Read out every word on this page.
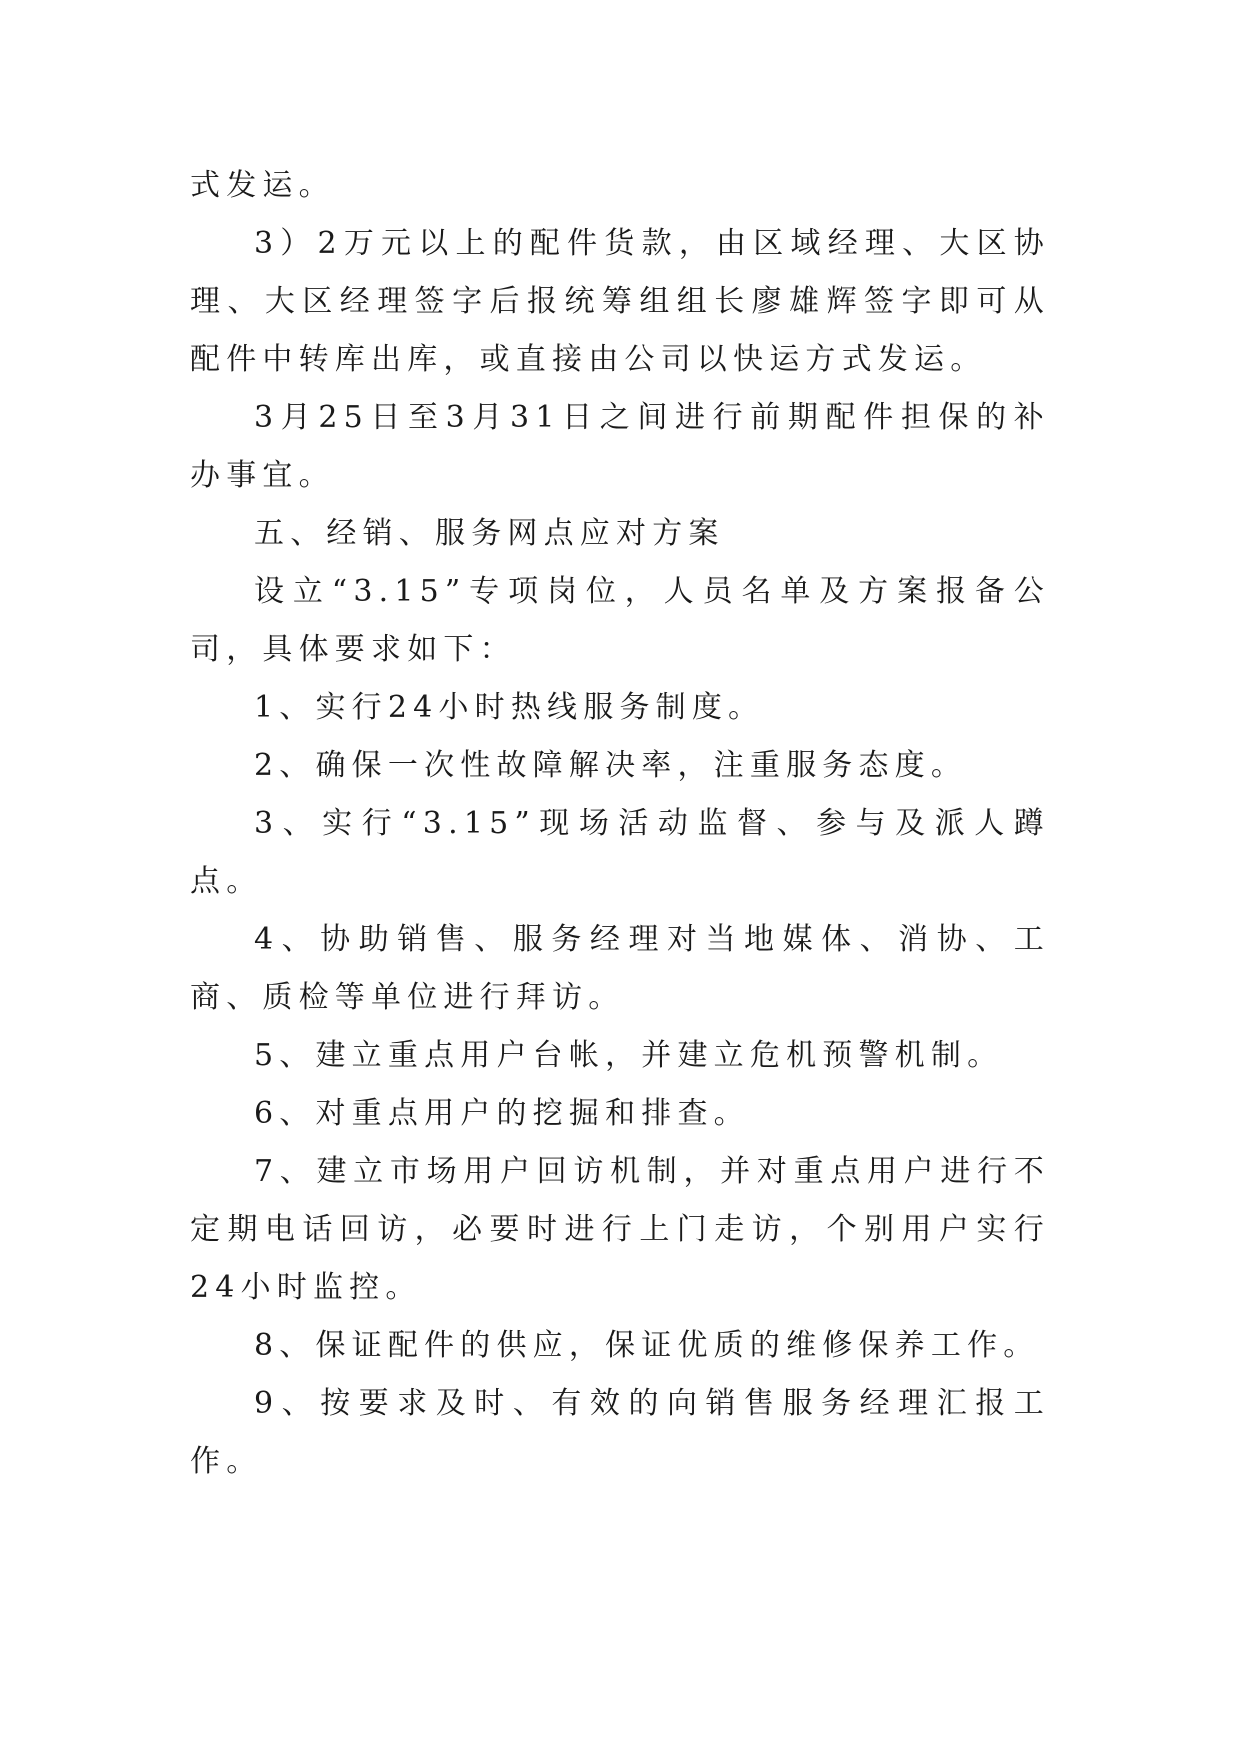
式发运。

3）2万元以上的配件货款，由区域经理、大区协理、大区经理签字后报统筹组组长廖雄辉签字即可从配件中转库出库，或直接由公司以快运方式发运。

3月25日至3月31日之间进行前期配件担保的补办事宜。

五、经销、服务网点应对方案

设立“3.15”专项岗位，人员名单及方案报备公司，具体要求如下：

1、实行24小时热线服务制度。

2、确保一次性故障解决率，注重服务态度。

3、实行“3.15”现场活动监督、参与及派人蹲点。

4、协助销售、服务经理对当地媒体、消协、工商、质检等单位进行拜访。

5、建立重点用户台帐，并建立危机预警机制。

6、对重点用户的挖掘和排查。

7、建立市场用户回访机制，并对重点用户进行不定期电话回访，必要时进行上门走访，个别用户实行24小时监控。

8、保证配件的供应，保证优质的维修保养工作。

9、按要求及时、有效的向销售服务经理汇报工作。
